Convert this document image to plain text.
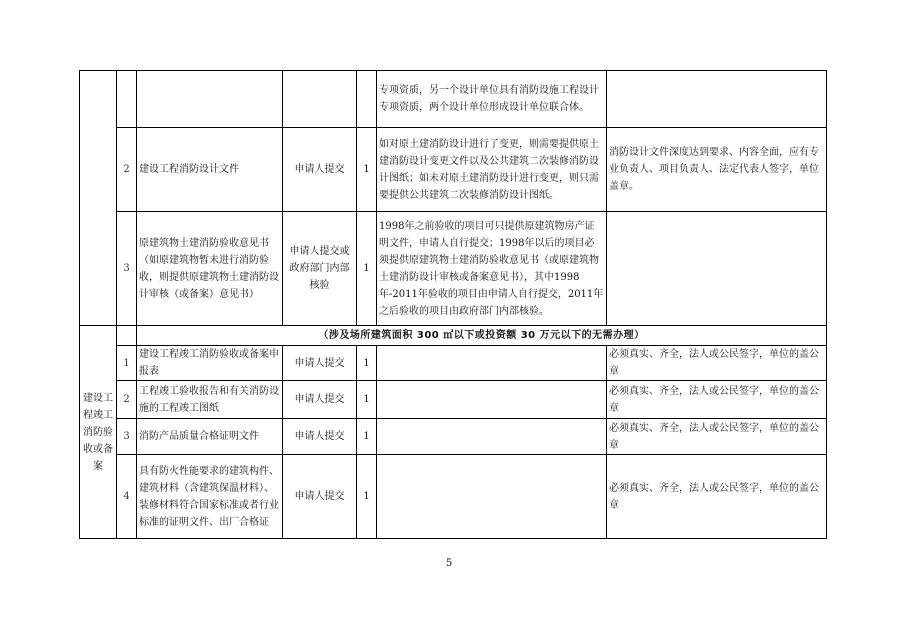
					专项资质，另一个设计单位具有消防设施工程设计专项资质，两个设计单位形成设计单位联合体。	
	2	建设工程消防设计文件	申请人提交	1	如对原土建消防设计进行了变更，则需要提供原土建消防设计变更文件以及公共建筑二次装修消防设计图纸；如未对原土建消防设计进行变更，则只需要提供公共建筑二次装修消防设计图纸。	消防设计文件深度达到要求、内容全面，应有专业负责人、项目负责人、法定代表人签字，单位盖章。
	3	原建筑物土建消防验收意见书（如原建筑物暂未进行消防验收，则提供原建筑物土建消防设计审核（或备案）意见书）	申请人提交或政府部门内部核验	1	1998年之前验收的项目可只提供原建筑物房产证明文件，申请人自行提交；1998年以后的项目必须提供原建筑物土建消防验收意见书（或原建筑物土建消防设计审核或备案意见书），其中1998年-2011年验收的项目由申请人自行提交，2011年之后验收的项目由政府部门内部核验。	
建设工程竣工消防验收或备案		（涉及场所建筑面积 300 ㎡以下或投资额 30 万元以下的无需办理）				
	1	建设工程竣工消防验收或备案申报表	申请人提交	1		必须真实、齐全，法人或公民签字，单位的盖公章
	2	工程竣工验收报告和有关消防设施的工程竣工图纸	申请人提交	1		必须真实、齐全，法人或公民签字，单位的盖公章
	3	消防产品质量合格证明文件	申请人提交	1		必须真实、齐全，法人或公民签字，单位的盖公章
	4	具有防火性能要求的建筑构件、建筑材料（含建筑保温材料）、装修材料符合国家标准或者行业标准的证明文件、出厂合格证	申请人提交	1		必须真实、齐全，法人或公民签字，单位的盖公章
5
